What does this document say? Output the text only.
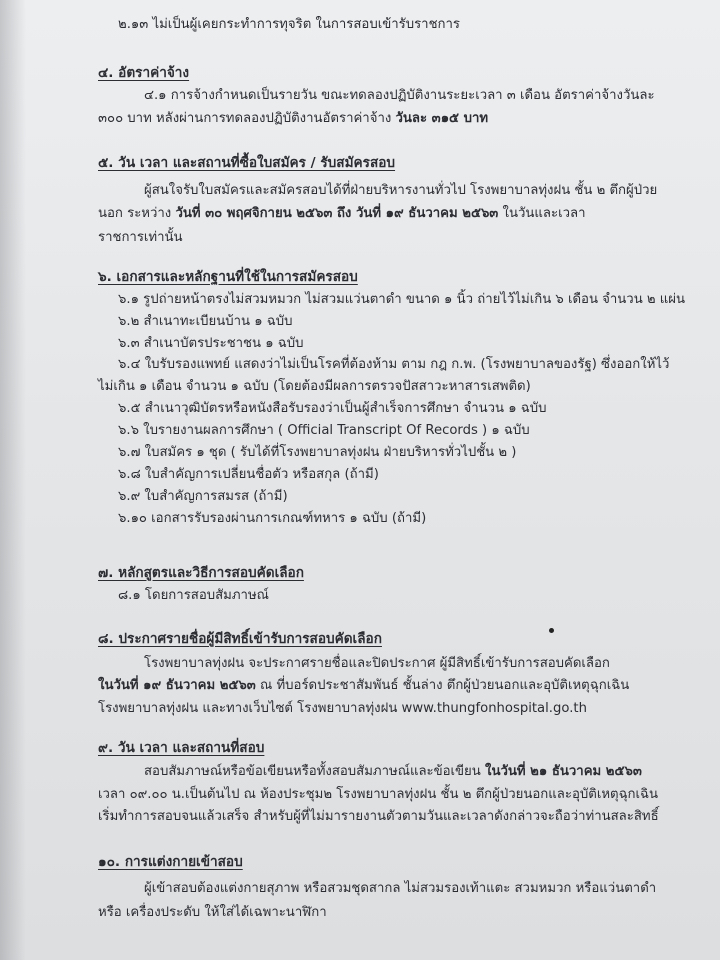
๒.๑๓ ไม่เป็นผู้เคยกระทำการทุจริต ในการสอบเข้ารับราชการ
๔. อัตราค่าจ้าง
๔.๑ การจ้างกำหนดเป็นรายวัน ขณะทดลองปฏิบัติงานระยะเวลา ๓ เดือน อัตราค่าจ้างวันละ
๓๐๐ บาท หลังผ่านการทดลองปฏิบัติงานอัตราค่าจ้าง วันละ ๓๑๕ บาท
๕. วัน เวลา และสถานที่ซื้อใบสมัคร / รับสมัครสอบ
ผู้สนใจรับใบสมัครและสมัครสอบได้ที่ฝ่ายบริหารงานทั่วไป โรงพยาบาลทุ่งฝน ชั้น ๒ ตึกผู้ป่วย
นอก ระหว่าง วันที่ ๓๐ พฤศจิกายน ๒๕๖๓ ถึง วันที่ ๑๙ ธันวาคม ๒๕๖๓ ในวันและเวลา
ราชการเท่านั้น
๖. เอกสารและหลักฐานที่ใช้ในการสมัครสอบ
๖.๑ รูปถ่ายหน้าตรงไม่สวมหมวก ไม่สวมแว่นตาดำ ขนาด ๑ นิ้ว ถ่ายไว้ไม่เกิน ๖ เดือน จำนวน ๒ แผ่น
๖.๒ สำเนาทะเบียนบ้าน ๑ ฉบับ
๖.๓ สำเนาบัตรประชาชน ๑ ฉบับ
๖.๔ ใบรับรองแพทย์ แสดงว่าไม่เป็นโรคที่ต้องห้าม ตาม กฎ ก.พ. (โรงพยาบาลของรัฐ) ซึ่งออกให้ไว้
ไม่เกิน ๑ เดือน จำนวน ๑ ฉบับ (โดยต้องมีผลการตรวจปัสสาวะหาสารเสพติด)
๖.๕ สำเนาวุฒิบัตรหรือหนังสือรับรองว่าเป็นผู้สำเร็จการศึกษา จำนวน ๑ ฉบับ
๖.๖ ใบรายงานผลการศึกษา ( Official Transcript Of Records ) ๑ ฉบับ
๖.๗ ใบสมัคร ๑ ชุด ( รับได้ที่โรงพยาบาลทุ่งฝน ฝ่ายบริหารทั่วไปชั้น ๒ )
๖.๘ ใบสำคัญการเปลี่ยนชื่อตัว หรือสกุล (ถ้ามี)
๖.๙ ใบสำคัญการสมรส (ถ้ามี)
๖.๑๐ เอกสารรับรองผ่านการเกณฑ์ทหาร ๑ ฉบับ (ถ้ามี)
๗. หลักสูตรและวิธีการสอบคัดเลือก
๘.๑ โดยการสอบสัมภาษณ์
๘. ประกาศรายชื่อผู้มีสิทธิ์เข้ารับการสอบคัดเลือก
โรงพยาบาลทุ่งฝน จะประกาศรายชื่อและปิดประกาศ ผู้มีสิทธิ์เข้ารับการสอบคัดเลือก
ในวันที่ ๑๙ ธันวาคม ๒๕๖๓ ณ ที่บอร์ดประชาสัมพันธ์ ชั้นล่าง ตึกผู้ป่วยนอกและอุบัติเหตุฉุกเฉิน
โรงพยาบาลทุ่งฝน และทางเว็บไซต์ โรงพยาบาลทุ่งฝน www.thungfonhospital.go.th
๙. วัน เวลา และสถานที่สอบ
สอบสัมภาษณ์หรือข้อเขียนหรือทั้งสอบสัมภาษณ์และข้อเขียน ในวันที่ ๒๑ ธันวาคม ๒๕๖๓
เวลา ๐๙.๐๐ น.เป็นต้นไป ณ ห้องประชุม๒ โรงพยาบาลทุ่งฝน ชั้น ๒ ตึกผู้ป่วยนอกและอุบัติเหตุฉุกเฉิน
เริ่มทำการสอบจนแล้วเสร็จ สำหรับผู้ที่ไม่มารายงานตัวตามวันและเวลาดังกล่าวจะถือว่าท่านสละสิทธิ์
๑๐. การแต่งกายเข้าสอบ
ผู้เข้าสอบต้องแต่งกายสุภาพ หรือสวมชุดสากล ไม่สวมรองเท้าแตะ สวมหมวก หรือแว่นตาดำ
หรือ เครื่องประดับ ให้ใส่ได้เฉพาะนาฬิกา
